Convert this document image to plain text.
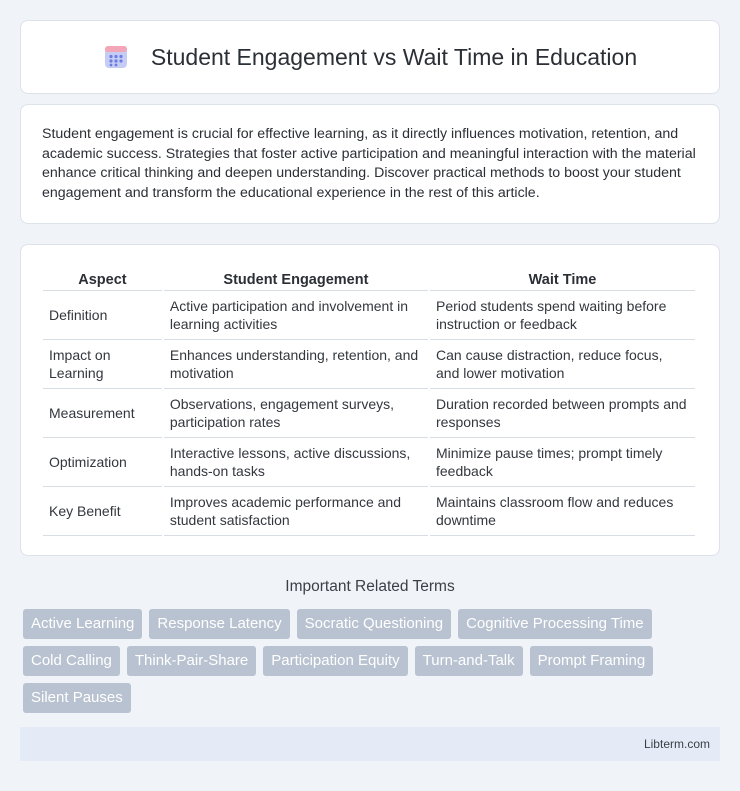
Student Engagement vs Wait Time in Education

Student engagement is crucial for effective learning, as it directly influences motivation, retention, and academic success. Strategies that foster active participation and meaningful interaction with the material enhance critical thinking and deepen understanding. Discover practical methods to boost your student engagement and transform the educational experience in the rest of this article.

Aspect	Student Engagement	Wait Time
Definition	Active participation and involvement in learning activities	Period students spend waiting before instruction or feedback
Impact on Learning	Enhances understanding, retention, and motivation	Can cause distraction, reduce focus, and lower motivation
Measurement	Observations, engagement surveys, participation rates	Duration recorded between prompts and responses
Optimization	Interactive lessons, active discussions, hands-on tasks	Minimize pause times; prompt timely feedback
Key Benefit	Improves academic performance and student satisfaction	Maintains classroom flow and reduces downtime
Important Related Terms
Active Learning	Response Latency	Socratic Questioning	Cognitive Processing Time
Cold Calling	Think-Pair-Share	Participation Equity	Turn-and-Talk	Prompt Framing
Silent Pauses
Libterm.com
